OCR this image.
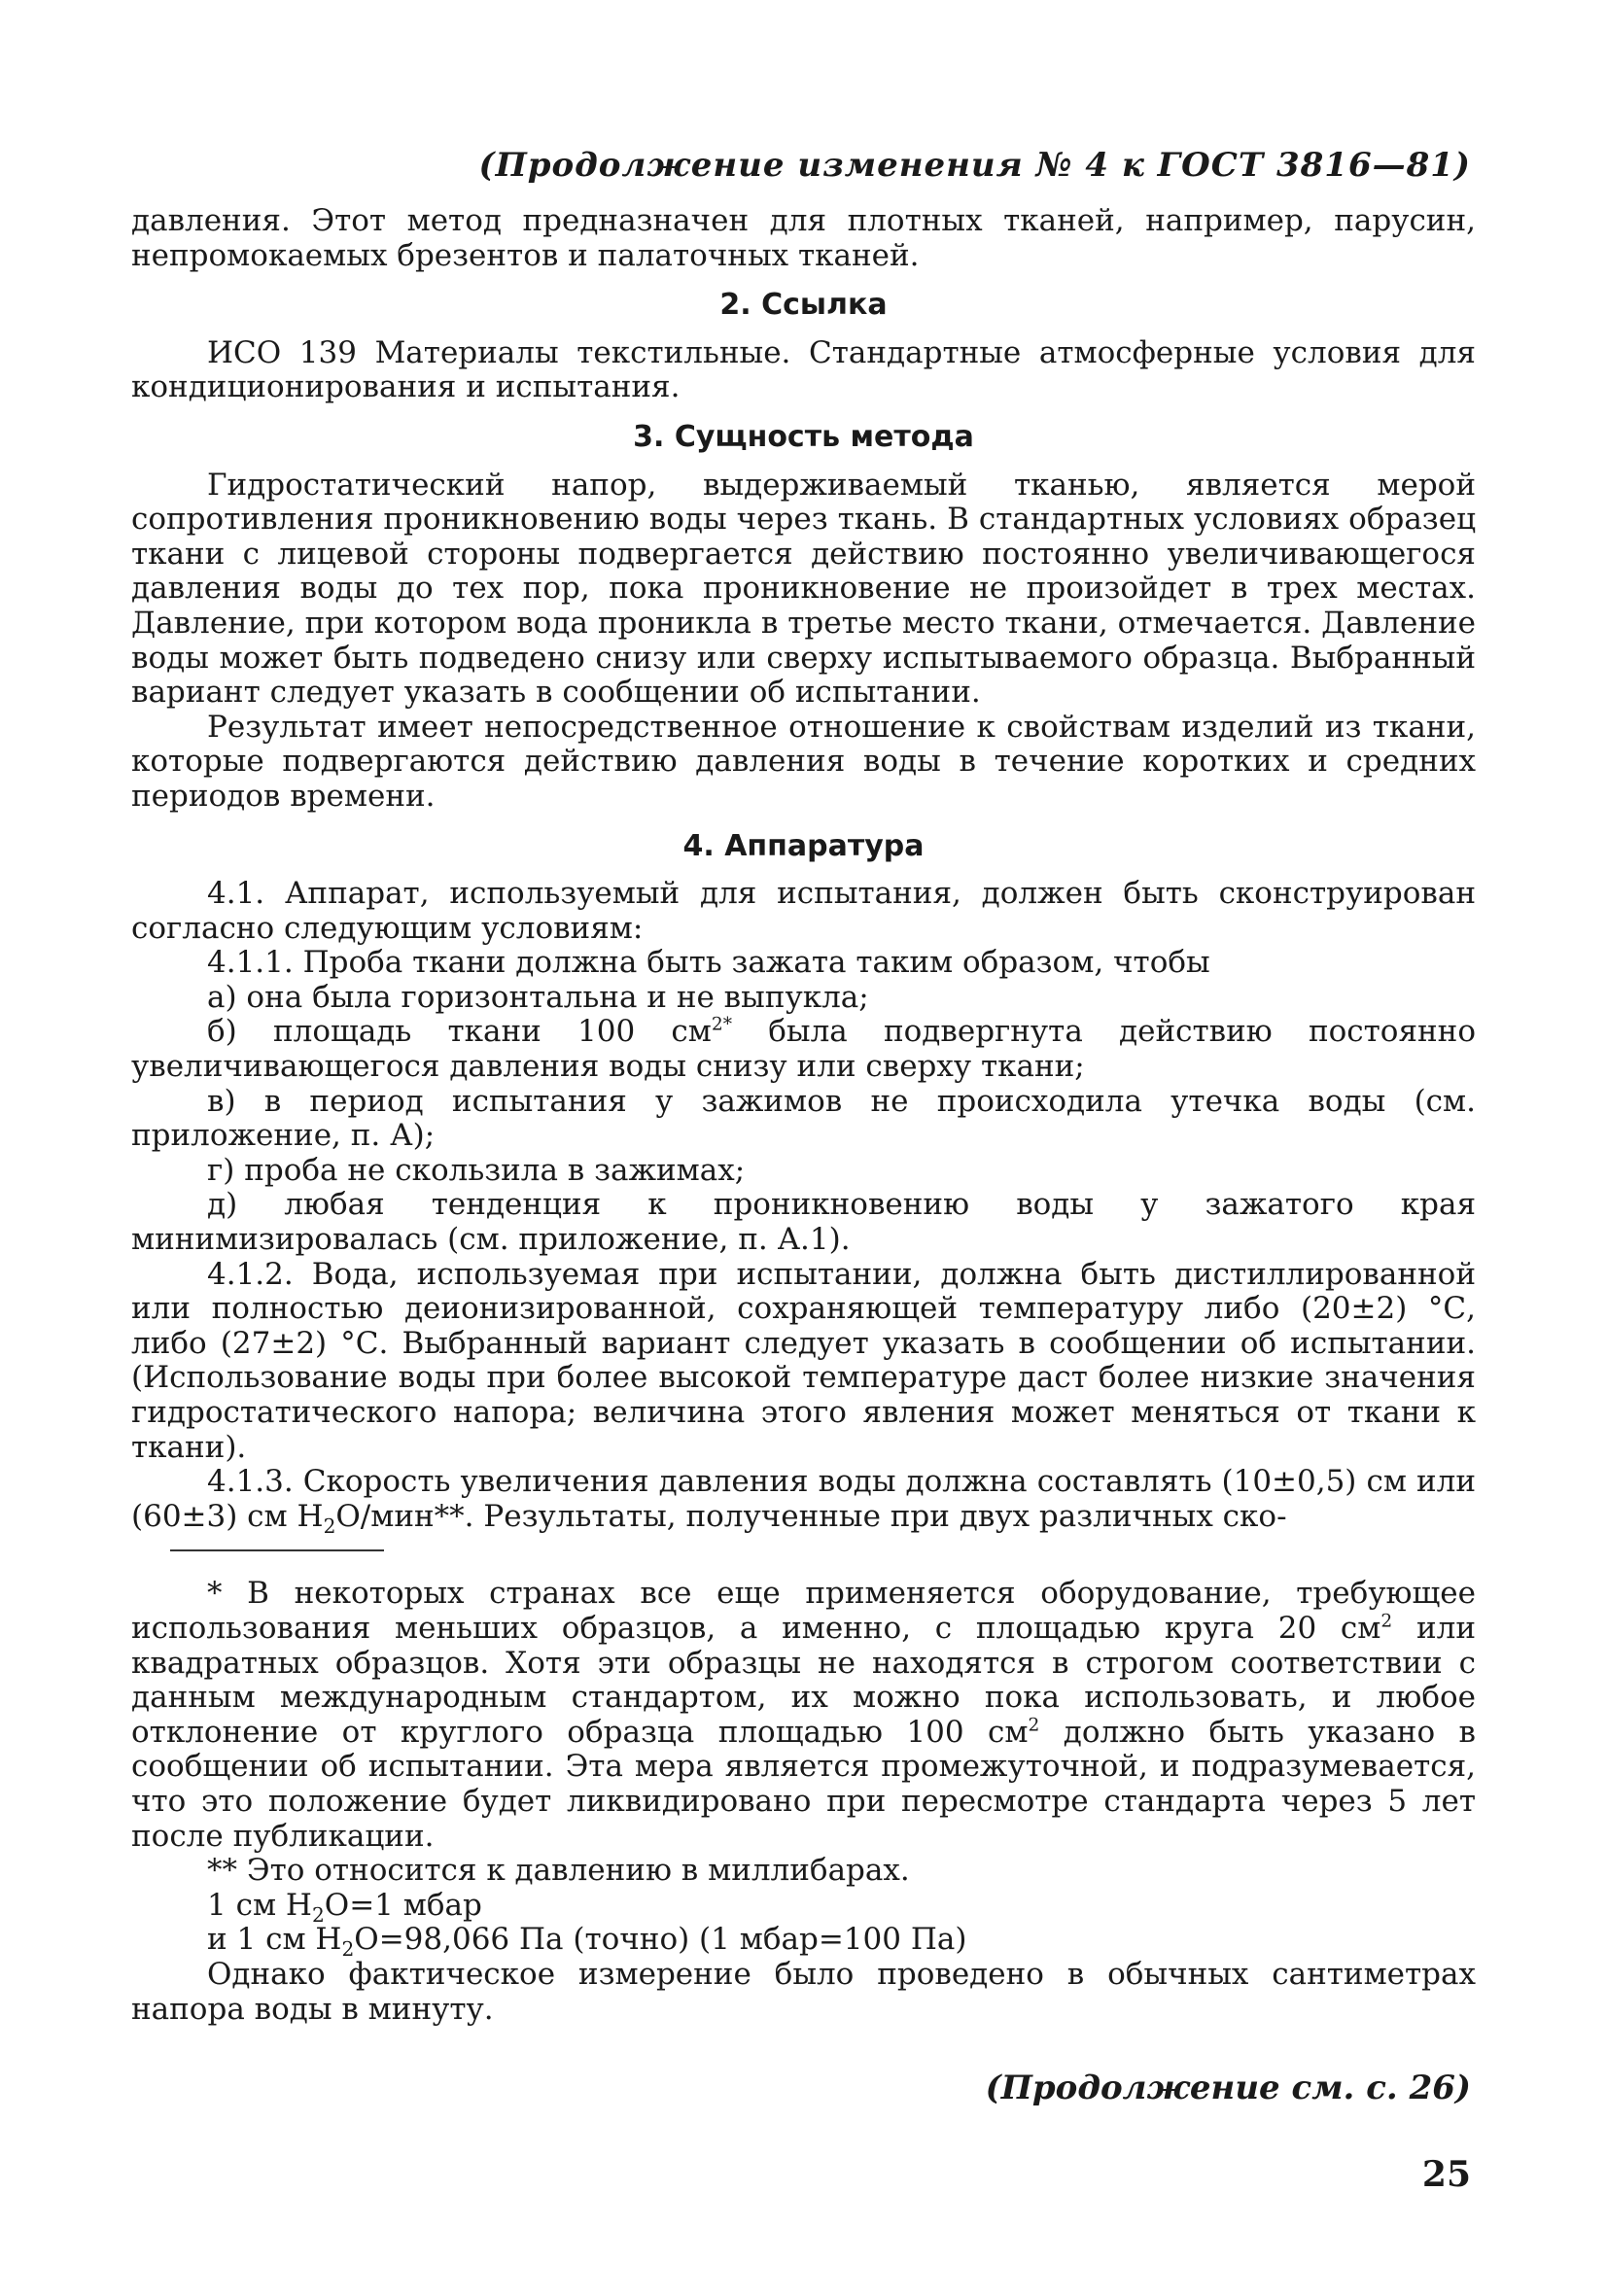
(Продолжение изменения № 4 к ГОСТ 3816—81)

давления. Этот метод предназначен для плотных тканей, например, парусин, непромокаемых брезентов и палаточных тканей.

2. Ссылка

ИСО 139 Материалы текстильные. Стандартные атмосферные условия для кондиционирования и испытания.

3. Сущность метода

Гидростатический напор, выдерживаемый тканью, является мерой сопротивления проникновению воды через ткань. В стандартных условиях образец ткани с лицевой стороны подвергается действию постоянно увеличивающегося давления воды до тех пор, пока проникновение не произойдет в трех местах. Давление, при котором вода проникла в третье место ткани, отмечается. Давление воды может быть подведено снизу или сверху испытываемого образца. Выбранный вариант следует указать в сообщении об испытании.

Результат имеет непосредственное отношение к свойствам изделий из ткани, которые подвергаются действию давления воды в течение коротких и средних периодов времени.

4. Аппаратура

4.1. Аппарат, используемый для испытания, должен быть сконструирован согласно следующим условиям:

4.1.1. Проба ткани должна быть зажата таким образом, чтобы

а) она была горизонтальна и не выпукла;

б) площадь ткани 100 $см^{2*}$ была подвергнута действию постоянно увеличивающегося давления воды снизу или сверху ткани;

в) в период испытания у зажимов не происходила утечка воды (см. приложение, п. А);

г) проба не скользила в зажимах;

д) любая тенденция к проникновению воды у зажатого края минимизировалась (см. приложение, п. А.1).

4.1.2. Вода, используемая при испытании, должна быть дистиллированной или полностью деионизированной, сохраняющей температуру либо (20±2) °С, либо (27±2) °С. Выбранный вариант следует указать в сообщении об испытании. (Использование воды при более высокой температуре даст более низкие значения гидростатического напора; величина этого явления может меняться от ткани к ткани).

4.1.3. Скорость увеличения давления воды должна составлять (10±0,5) см или (60±3) см $H_2O/мин**$. Результаты, полученные при двух различных ско-

* В некоторых странах все еще применяется оборудование, требующее использования меньших образцов, а именно, с площадью круга 20 $см^2$ или квадратных образцов. Хотя эти образцы не находятся в строгом соответствии с данным международным стандартом, их можно пока использовать, и любое отклонение от круглого образца площадью 100 $см^2$ должно быть указано в сообщении об испытании. Эта мера является промежуточной, и подразумевается, что это положение будет ликвидировано при пересмотре стандарта через 5 лет после публикации.

** Это относится к давлению в миллибарах.

1 см $H_2O=1$ мбар

и 1 см $H_2O=98,066$ Па (точно) (1 мбар=100 Па)

Однако фактическое измерение было проведено в обычных сантиметрах напора воды в минуту.

(Продолжение см. с. 26)
25
